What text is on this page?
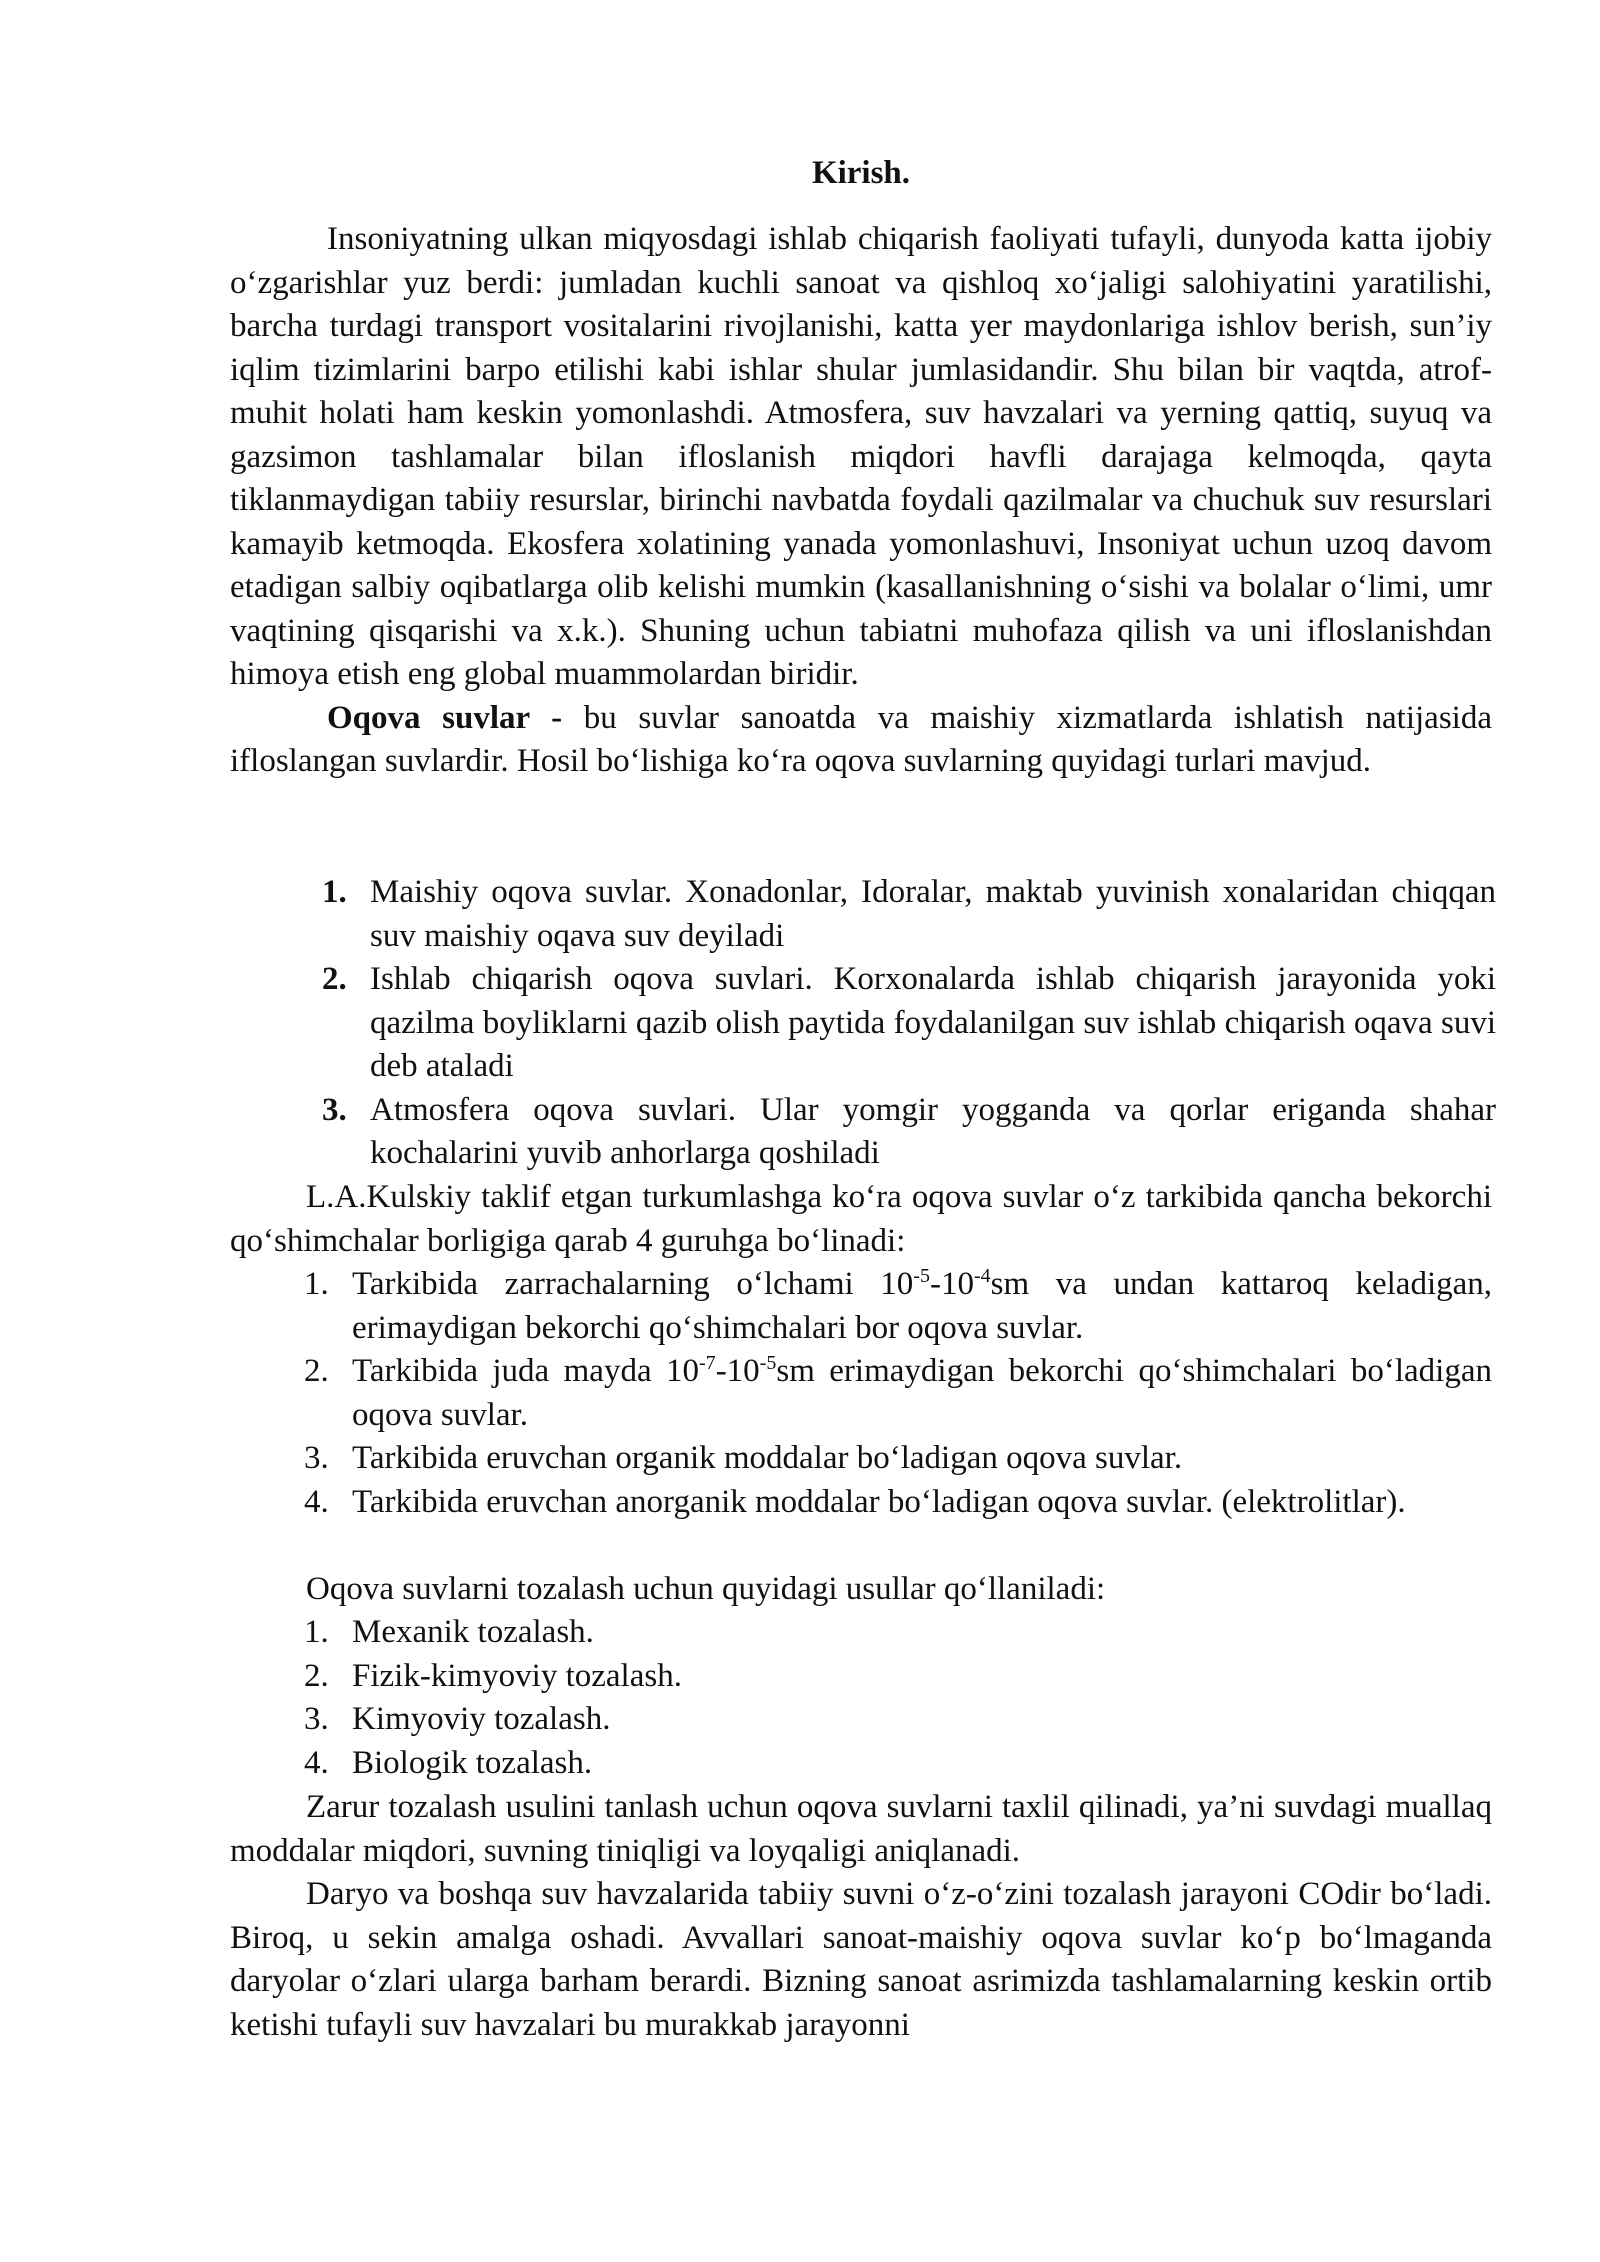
Kirish.

Insoniyatning ulkan miqyosdagi ishlab chiqarish faoliyati tufayli, dunyoda katta ijobiy o‘zgarishlar yuz berdi: jumladan kuchli sanoat va qishloq xo‘jaligi salohiyatini yaratilishi, barcha turdagi transport vositalarini rivojlanishi, katta yer maydonlariga ishlov berish, sun’iy iqlim tizimlarini barpo etilishi kabi ishlar shular jumlasidandir. Shu bilan bir vaqtda, atrof-muhit holati ham keskin yomonlashdi. Atmosfera, suv havzalari va yerning qattiq, suyuq va gazsimon tashlamalar bilan ifloslanish miqdori havfli darajaga kelmoqda, qayta tiklanmaydigan tabiiy resurslar, birinchi navbatda foydali qazilmalar va chuchuk suv resurslari kamayib ketmoqda. Ekosfera xolatining yanada yomonlashuvi, Insoniyat uchun uzoq davom etadigan salbiy oqibatlarga olib kelishi mumkin (kasallanishning o‘sishi va bolalar o‘limi, umr vaqtining qisqarishi va x.k.). Shuning uchun tabiatni muhofaza qilish va uni ifloslanishdan himoya etish eng global muammolardan biridir.

Oqova suvlar - bu suvlar sanoatda va maishiy xizmatlarda ishlatish natijasida ifloslangan suvlardir. Hosil bo‘lishiga ko‘ra oqova suvlarning quyidagi turlari mavjud.

1. Maishiy oqova suvlar. Xonadonlar, Idoralar, maktab yuvinish xonalaridan chiqqan suv maishiy oqava suv deyiladi
2. Ishlab chiqarish oqova suvlari. Korxonalarda ishlab chiqarish jarayonida yoki qazilma boyliklarni qazib olish paytida foydalanilgan suv ishlab chiqarish oqava suvi deb ataladi
3. Atmosfera oqova suvlari. Ular yomgir yogganda va qorlar eriganda shahar kochalarini yuvib anhorlarga qoshiladi

L.A.Kulskiy taklif etgan turkumlashga ko‘ra oqova suvlar o‘z tarkibida qancha bekorchi qo‘shimchalar borligiga qarab 4 guruhga bo‘linadi:

1. Tarkibida zarrachalarning o‘lchami $10^{-5}-10^{-4}sm$ va undan kattaroq keladigan, erimaydigan bekorchi qo‘shimchalari bor oqova suvlar.
2. Tarkibida juda mayda $10^{-7}-10^{-5}sm$ erimaydigan bekorchi qo‘shimchalari bo‘ladigan oqova suvlar.
3. Tarkibida eruvchan organik moddalar bo‘ladigan oqova suvlar.
4. Tarkibida eruvchan anorganik moddalar bo‘ladigan oqova suvlar. (elektrolitlar).

Oqova suvlarni tozalash uchun quyidagi usullar qo‘llaniladi:

1. Mexanik tozalash.
2. Fizik-kimyoviy tozalash.
3. Kimyoviy tozalash.
4. Biologik tozalash.

Zarur tozalash usulini tanlash uchun oqova suvlarni taxlil qilinadi, ya’ni suvdagi muallaq moddalar miqdori, suvning tiniqligi va loyqaligi aniqlanadi.

Daryo va boshqa suv havzalarida tabiiy suvni o‘z-o‘zini tozalash jarayoni COdir bo‘ladi. Biroq, u sekin amalga oshadi. Avvallari sanoat-maishiy oqova suvlar ko‘p bo‘lmaganda daryolar o‘zlari ularga barham berardi. Bizning sanoat asrimizda tashlamalarning keskin ortib ketishi tufayli suv havzalari bu murakkab jarayonni
